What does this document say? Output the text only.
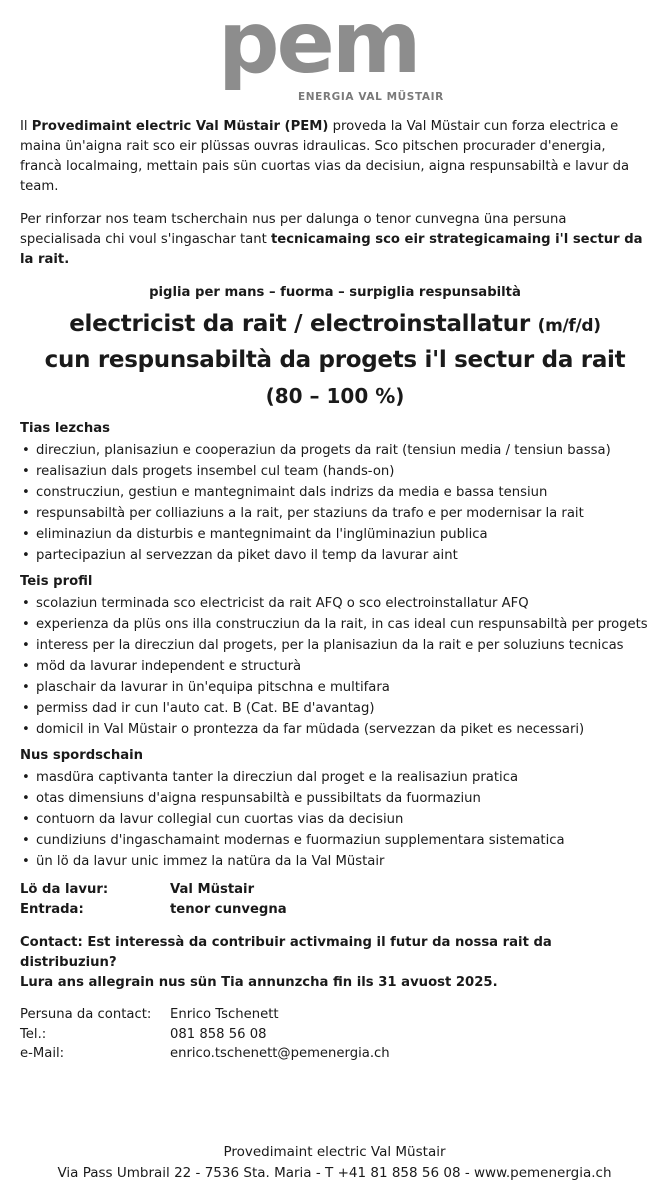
pem
ENERGIA VAL MÜSTAIR

Il Provedimaint electric Val Müstair (PEM) proveda la Val Müstair cun forza electrica e maina ün'aigna rait sco eir plüssas ouvras idraulicas. Sco pitschen procurader d'energia, francà localmaing, mettain pais sün cuortas vias da decisiun, aigna respunsabiltà e lavur da team.

Per rinforzar nos team tscherchain nus per dalunga o tenor cunvegna üna persuna specialisada chi voul s'ingaschar tant tecnicamaing sco eir strategicamaing i'l sectur da la rait.

piglia per mans – fuorma – surpiglia respunsabiltà

electricist da rait / electroinstallatur (m/f/d)

cun respunsabiltà da progets i'l sectur da rait

(80 – 100 %)

Tias lezchas

• direcziun, planisaziun e cooperaziun da progets da rait (tensiun media / tensiun bassa)
• realisaziun dals progets insembel cul team (hands-on)
• construcziun, gestiun e mantegnimaint dals indrizs da media e bassa tensiun
• respunsabiltà per colliaziuns a la rait, per staziuns da trafo e per modernisar la rait
• eliminaziun da disturbis e mantegnimaint da l'inglüminaziun publica
• partecipaziun al servezzan da piket davo il temp da lavurar aint

Teis profil

• scolaziun terminada sco electricist da rait AFQ o sco electroinstallatur AFQ
• experienza da plüs ons illa construcziun da la rait, in cas ideal cun respunsabiltà per progets
• interess per la direcziun dal progets, per la planisaziun da la rait e per soluziuns tecnicas
• möd da lavurar independent e structurà
• plaschair da lavurar in ün'equipa pitschna e multifara
• permiss dad ir cun l'auto cat. B (Cat. BE d'avantag)
• domicil in Val Müstair o prontezza da far müdada (servezzan da piket es necessari)

Nus spordschain

• masdüra captivanta tanter la direcziun dal proget e la realisaziun pratica
• otas dimensiuns d'aigna respunsabiltà e pussibiltats da fuormaziun
• contuorn da lavur collegial cun cuortas vias da decisiun
• cundiziuns d'ingaschamaint modernas e fuormaziun supplementara sistematica
• ün lö da lavur unic immez la natüra da la Val Müstair
Lö da lavur:	Val Müstair
Entrada:	tenor cunvegna
Contact: Est interessà da contribuir activmaing il futur da nossa rait da distribuziun?
Lura ans allegrain nus sün Tia annunzcha fin ils 31 avuost 2025.
Persuna da contact:	Enrico Tschenett
Tel.:	081 858 56 08
e-Mail:	enrico.tschenett@pemenergia.ch
Provedimaint electric Val Müstair
Via Pass Umbrail 22 - 7536 Sta. Maria - T +41 81 858 56 08 - www.pemenergia.ch
